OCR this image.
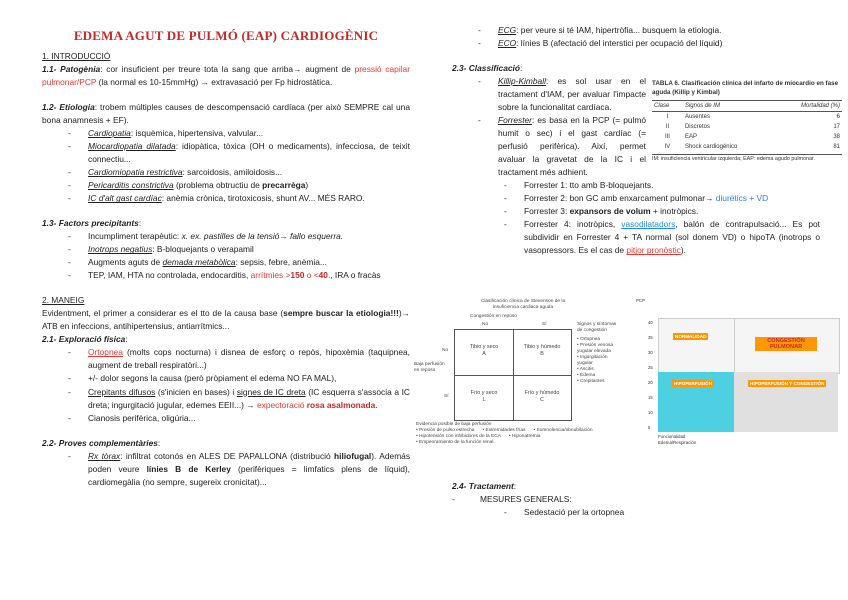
EDEMA AGUT DE PULMÓ (EAP) CARDIOGÈNIC

1. INTRODUCCIÓ

1.1- Patogènia: cor insuficient per treure tota la sang que arriba→ augment de pressió capilar pulmonar/PCP (la normal es 10-15mmHg) → extravasació per Fp hidrostàtica.

1.2- Etiologia: trobem múltiples causes de descompensació cardíaca (per això SEMPRE cal una bona anamnesis + EF).

- Cardiopatia: isquèmica, hipertensiva, valvular...
- Miocardiopatia dilatada: idiopàtica, tòxica (OH o medicaments), infecciosa, de teixit connectiu...
- Cardiomiopatia restrictiva: sarcoidosis, amiloidosis...
- Pericarditis constrictiva (problema obtructiu de precarrèga)
- IC d'alt gast cardíac: anèmia crònica, tirotoxicosis, shunt AV... MÉS RARO.

1.3- Factors precipitants:

- Incumpliment terapèutic: x. ex. pastilles de la tensió→ fallo esquerra.
- Inotrops negatius: B-bloquejants o verapamil
- Augments aguts de demada metabòlica: sepsis, febre, anèmia...
- TEP, IAM, HTA no controlada, endocarditis, arrítmies >150 o <40., IRA o fracàs

2. MANEIG

Evidentment, el primer a considerar es el tto de la causa base (sempre buscar la etiologia!!!)→ ATB en infeccions, antihipertensius, antiarrítmics...

2.1- Exploració física:

- Ortopnea (molts cops nocturna) i disnea de esforç o repòs, hipoxèmia (taquipnea, augment de treball respiratòri...)
- +/- dolor segons la causa (però pròpiament el edema NO FA MAL),
- Crepitants difusos (s'inicien en bases) i signes de IC dreta (IC esquerra s'associa a IC dreta; ingurgitació jugular, edemes EEII...) → expectoració rosa asalmonada.
- Cianosis perifèrica, oligúria...

2.2- Proves complementàries:

- Rx tòrax: infiltrat cotonós en ALES DE PAPALLONA (distribució hiliofugal). Además poden veure línies B de Kerley (perifèriques = limfatics plens de líquid), cardiomegàlia (no sempre, sugereix cronicitat)...
- ECG: per veure si té IAM, hipertròfia... busquem la etiologia.
- ECO: línies B (afectació del interstici per ocupació del líquid)

2.3- Classificació:

- Killip-Kimball: es sol usar en el tractament d'IAM, per avaluar l'impacte sobre la funcionalitat cardíaca.
- Forrester: es basa en la PCP (= pulmó humit o sec) i el gast cardíac (= perfusió perifèrica). Així, permet avaluar la gravetat de la IC i el tractament més adhient.
- Forrester 1: tto amb B-bloquejants.
- Forrester 2: bon GC amb enxarcament pulmonar→ diurètics + VD
- Forrester 3: expansors de volum + inotròpics.
- Forrester 4: inotròpics, vasodilatadors, balón de contrapulsació... Es pot subdividir en Forrester 4 + TA normal (sol donem VD) o hipoTA (inotrops o vasopressors. Es el cas de pitjor pronòstic).

2.4- Tractament:

- MESURES GENERALS:
- Sedestació per la ortopnea
TABLA 6. Clasificación clínica del infarto de miocardio en fase aguda (Killip y Kimbal)
Clase	Signos de IM	Mortalidad (%)
I	Ausentes	6
II	Discretos	17
III	EAP	38
IV	Shock cardiogénico	81
IM: insuficiencia ventricular izquierda; EAP: edema agudo pulmonar.
Clasificación clínica de Stevenson de la insuficiencia cardiaca aguda
Congestión en reposo
No	Sí
No
Sí
Baja perfusión en reposo
Tibio y seco
A
Tibio y húmedo
B
Frío y seco
L
Frío y húmedo
C
Signos y síntomas de congestión
• Ortopnea
• Presión venosa yugular elevada
• Ingurgitación yugular
• Ascitis
• Edema
• Crepitantes
Evidencia posible de baja perfusión
• Presión de pulso estrecha • Extremidades frías • Somnolencia/obnubilación
• Hipotensión con inhibidores de la ECA • Hiponatremia
• Empeoramiento de la función renal
PCP
40
35
30
25
20
15
10
5
NORMALIDAD
CONGESTIÓN PULMONAR
HIPOPERFUSIÓN	HIPOPERFUSIÓN Y CONGESTIÓN
Funcionalidad
Edema/Respiración
